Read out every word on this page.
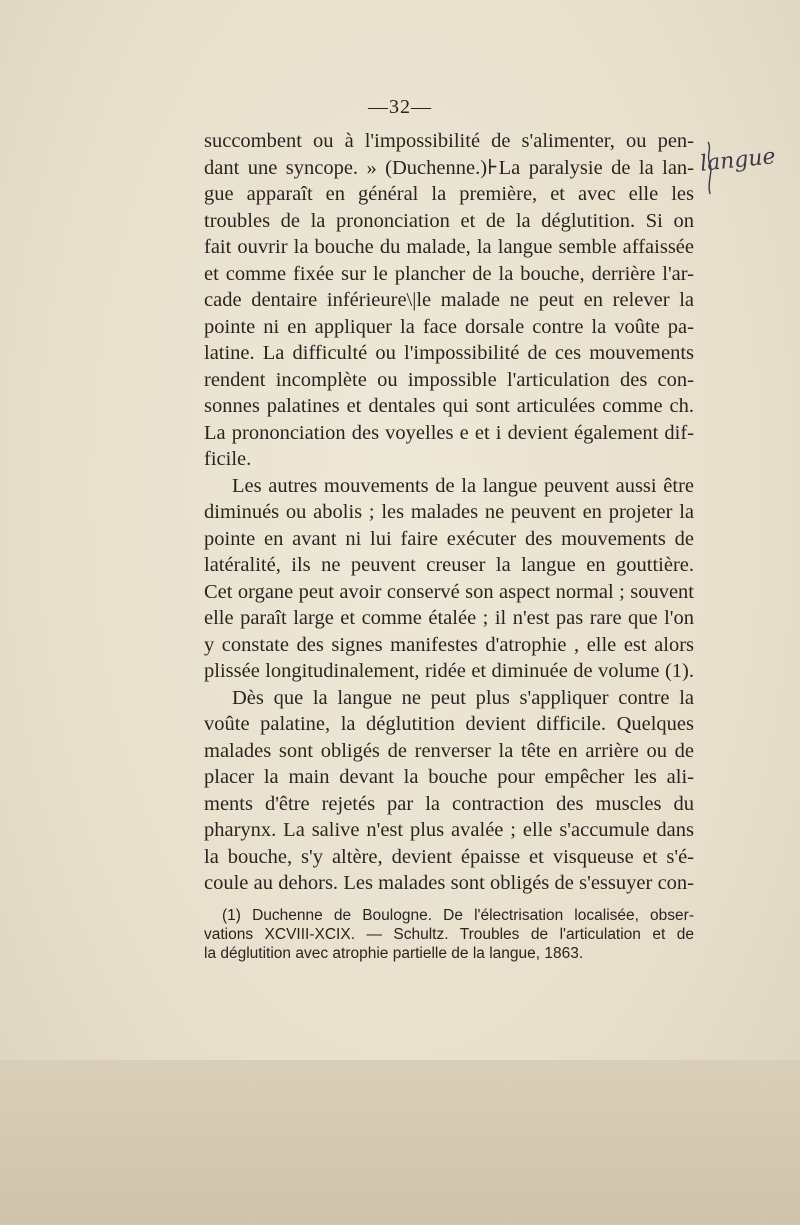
—32—
succombent ou à l'impossibilité de s'alimenter, ou pen-
dant une syncope. » (Duchenne.)⊦La paralysie de la lan-
gue apparaît en général la première, et avec elle les
troubles de la prononciation et de la déglutition. Si on
fait ouvrir la bouche du malade, la langue semble affaissée
et comme fixée sur le plancher de la bouche, derrière l'ar-
cade dentaire inférieure\|le malade ne peut en relever la
pointe ni en appliquer la face dorsale contre la voûte pa-
latine. La difficulté ou l'impossibilité de ces mouvements
rendent incomplète ou impossible l'articulation des con-
sonnes palatines et dentales qui sont articulées comme ch.
La prononciation des voyelles e et i devient également dif-
ficile.
Les autres mouvements de la langue peuvent aussi être
diminués ou abolis ; les malades ne peuvent en projeter la
pointe en avant ni lui faire exécuter des mouvements de
latéralité, ils ne peuvent creuser la langue en gouttière.
Cet organe peut avoir conservé son aspect normal ; souvent
elle paraît large et comme étalée ; il n'est pas rare que l'on
y constate des signes manifestes d'atrophie , elle est alors
plissée longitudinalement, ridée et diminuée de volume (1).
Dès que la langue ne peut plus s'appliquer contre la
voûte palatine, la déglutition devient difficile. Quelques
malades sont obligés de renverser la tête en arrière ou de
placer la main devant la bouche pour empêcher les ali-
ments d'être rejetés par la contraction des muscles du
pharynx. La salive n'est plus avalée ; elle s'accumule dans
la bouche, s'y altère, devient épaisse et visqueuse et s'é-
coule au dehors. Les malades sont obligés de s'essuyer con-
(1) Duchenne de Boulogne. De l'électrisation localisée, obser-
vations XCVIII-XCIX. — Schultz. Troubles de l'articulation et de
la déglutition avec atrophie partielle de la langue, 1863.
langue
